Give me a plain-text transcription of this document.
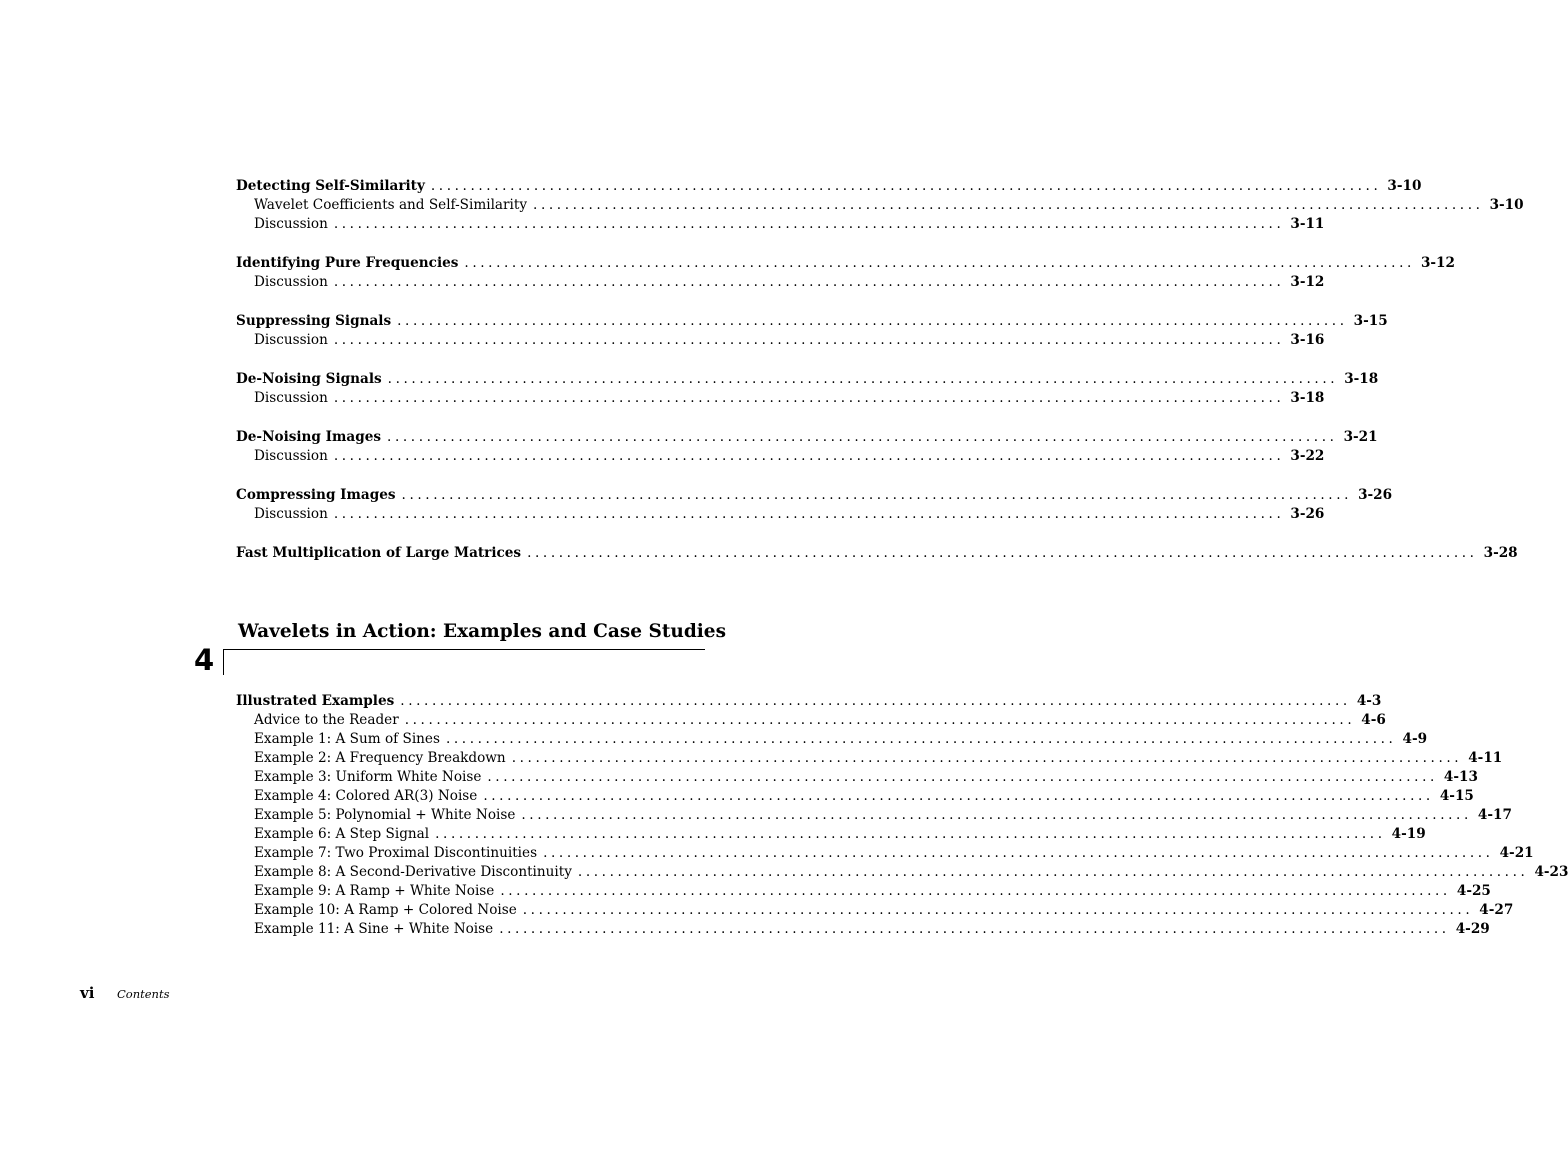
Detecting Self-Similarity ........................................................................................................................ 3-10
Wavelet Coefficients and Self-Similarity ........................................................................................................................ 3-10
Discussion ........................................................................................................................ 3-11
Identifying Pure Frequencies ........................................................................................................................ 3-12
Discussion ........................................................................................................................ 3-12
Suppressing Signals ........................................................................................................................ 3-15
Discussion ........................................................................................................................ 3-16
De-Noising Signals ........................................................................................................................ 3-18
Discussion ........................................................................................................................ 3-18
De-Noising Images ........................................................................................................................ 3-21
Discussion ........................................................................................................................ 3-22
Compressing Images ........................................................................................................................ 3-26
Discussion ........................................................................................................................ 3-26
Fast Multiplication of Large Matrices ........................................................................................................................ 3-28
Wavelets in Action: Examples and Case Studies
4
Illustrated Examples ........................................................................................................................ 4-3
Advice to the Reader ........................................................................................................................ 4-6
Example 1: A Sum of Sines ........................................................................................................................ 4-9
Example 2: A Frequency Breakdown ........................................................................................................................ 4-11
Example 3: Uniform White Noise ........................................................................................................................ 4-13
Example 4: Colored AR(3) Noise ........................................................................................................................ 4-15
Example 5: Polynomial + White Noise ........................................................................................................................ 4-17
Example 6: A Step Signal ........................................................................................................................ 4-19
Example 7: Two Proximal Discontinuities ........................................................................................................................ 4-21
Example 8: A Second-Derivative Discontinuity ........................................................................................................................ 4-23
Example 9: A Ramp + White Noise ........................................................................................................................ 4-25
Example 10: A Ramp + Colored Noise ........................................................................................................................ 4-27
Example 11: A Sine + White Noise ........................................................................................................................ 4-29
vi Contents
